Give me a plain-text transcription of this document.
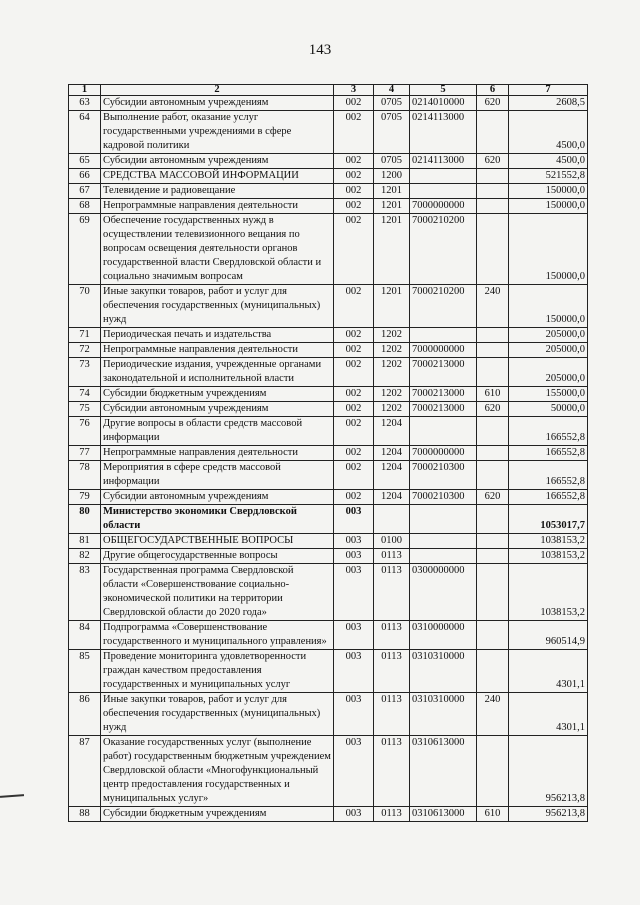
143
1	2	3	4	5	6	7
63	Субсидии автономным учреждениям	002	0705	0214010000	620	2608,5
64	Выполнение работ, оказание услуг государственными учреждениями в сфере кадровой политики	002	0705	0214113000		4500,0
65	Субсидии автономным учреждениям	002	0705	0214113000	620	4500,0
66	СРЕДСТВА МАССОВОЙ ИНФОРМАЦИИ	002	1200			521552,8
67	Телевидение и радиовещание	002	1201			150000,0
68	Непрограммные направления деятельности	002	1201	7000000000		150000,0
69	Обеспечение государственных нужд в осуществлении телевизионного вещания по вопросам освещения деятельности органов государственной власти Свердловской области и социально значимым вопросам	002	1201	7000210200		150000,0
70	Иные закупки товаров, работ и услуг для обеспечения государственных (муниципальных) нужд	002	1201	7000210200	240	150000,0
71	Периодическая печать и издательства	002	1202			205000,0
72	Непрограммные направления деятельности	002	1202	7000000000		205000,0
73	Периодические издания, учрежденные органами законодательной и исполнительной власти	002	1202	7000213000		205000,0
74	Субсидии бюджетным учреждениям	002	1202	7000213000	610	155000,0
75	Субсидии автономным учреждениям	002	1202	7000213000	620	50000,0
76	Другие вопросы в области средств массовой информации	002	1204			166552,8
77	Непрограммные направления деятельности	002	1204	7000000000		166552,8
78	Мероприятия в сфере средств массовой информации	002	1204	7000210300		166552,8
79	Субсидии автономным учреждениям	002	1204	7000210300	620	166552,8
80	Министерство экономики Свердловской области	003				1053017,7
81	ОБЩЕГОСУДАРСТВЕННЫЕ ВОПРОСЫ	003	0100			1038153,2
82	Другие общегосударственные вопросы	003	0113			1038153,2
83	Государственная программа Свердловской области «Совершенствование социально-экономической политики на территории Свердловской области до 2020 года»	003	0113	0300000000		1038153,2
84	Подпрограмма «Совершенствование государственного и муниципального управления»	003	0113	0310000000		960514,9
85	Проведение мониторинга удовлетворенности граждан качеством предоставления государственных и муниципальных услуг	003	0113	0310310000		4301,1
86	Иные закупки товаров, работ и услуг для обеспечения государственных (муниципальных) нужд	003	0113	0310310000	240	4301,1
87	Оказание государственных услуг (выполнение работ) государственным бюджетным учреждением Свердловской области «Многофункциональный центр предоставления государственных и муниципальных услуг»	003	0113	0310613000		956213,8
88	Субсидии бюджетным учреждениям	003	0113	0310613000	610	956213,8
